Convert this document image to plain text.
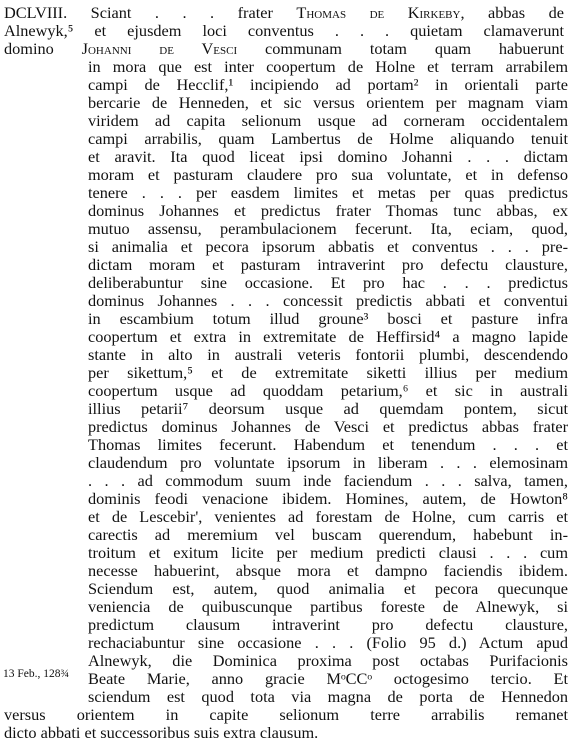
DCLVIII. Sciant . . . frater Thomas de Kirkeby, abbas de
Alnewyk,⁵ et ejusdem loci conventus . . . quietam clamaverunt
domino Johanni de Vesci communam totam quam habuerunt
in mora que est inter coopertum de Holne et terram arrabilem
campi de Hecclif,¹ incipiendo ad portam² in orientali parte
bercarie de Henneden, et sic versus orientem per magnam viam
viridem ad capita selionum usque ad corneram occidentalem
campi arrabilis, quam Lambertus de Holme aliquando tenuit
et aravit. Ita quod liceat ipsi domino Johanni . . . dictam
moram et pasturam claudere pro sua voluntate, et in defenso
tenere . . . per easdem limites et metas per quas predictus
dominus Johannes et predictus frater Thomas tunc abbas, ex
mutuo assensu, perambulacionem fecerunt. Ita, eciam, quod,
si animalia et pecora ipsorum abbatis et conventus . . . pre-
dictam moram et pasturam intraverint pro defectu clausture,
deliberabuntur sine occasione. Et pro hac . . . predictus
dominus Johannes . . . concessit predictis abbati et conventui
in escambium totum illud groune³ bosci et pasture infra
coopertum et extra in extremitate de Heffirsid⁴ a magno lapide
stante in alto in australi veteris fontorii plumbi, descendendo
per sikettum,⁵ et de extremitate siketti illius per medium
coopertum usque ad quoddam petarium,⁶ et sic in australi
illius petarii⁷ deorsum usque ad quemdam pontem, sicut
predictus dominus Johannes de Vesci et predictus abbas frater
Thomas limites fecerunt. Habendum et tenendum . . . et
claudendum pro voluntate ipsorum in liberam . . . elemosinam
. . . ad commodum suum inde faciendum . . . salva, tamen,
dominis feodi venacione ibidem. Homines, autem, de Howton⁸
et de Lescebir', venientes ad forestam de Holne, cum carris et
carectis ad meremium vel buscam querendum, habebunt in-
troitum et exitum licite per medium predicti clausi . . . cum
necesse habuerint, absque mora et dampno faciendis ibidem.
Sciendum est, autem, quod animalia et pecora quecunque
veniencia de quibuscunque partibus foreste de Alnewyk, si
predictum clausum intraverint pro defectu clausture,
rechaciabuntur sine occasione . . . (Folio 95 d.) Actum apud
Alnewyk, die Dominica proxima post octabas Purifacionis
Beate Marie, anno gracie MᵒCCᵒ octogesimo tercio. Et
sciendum est quod tota via magna de porta de Hennedon
versus orientem in capite selionum terre arrabilis remanet
dicto abbati et successoribus suis extra clausum.
13 Feb., 128¾
